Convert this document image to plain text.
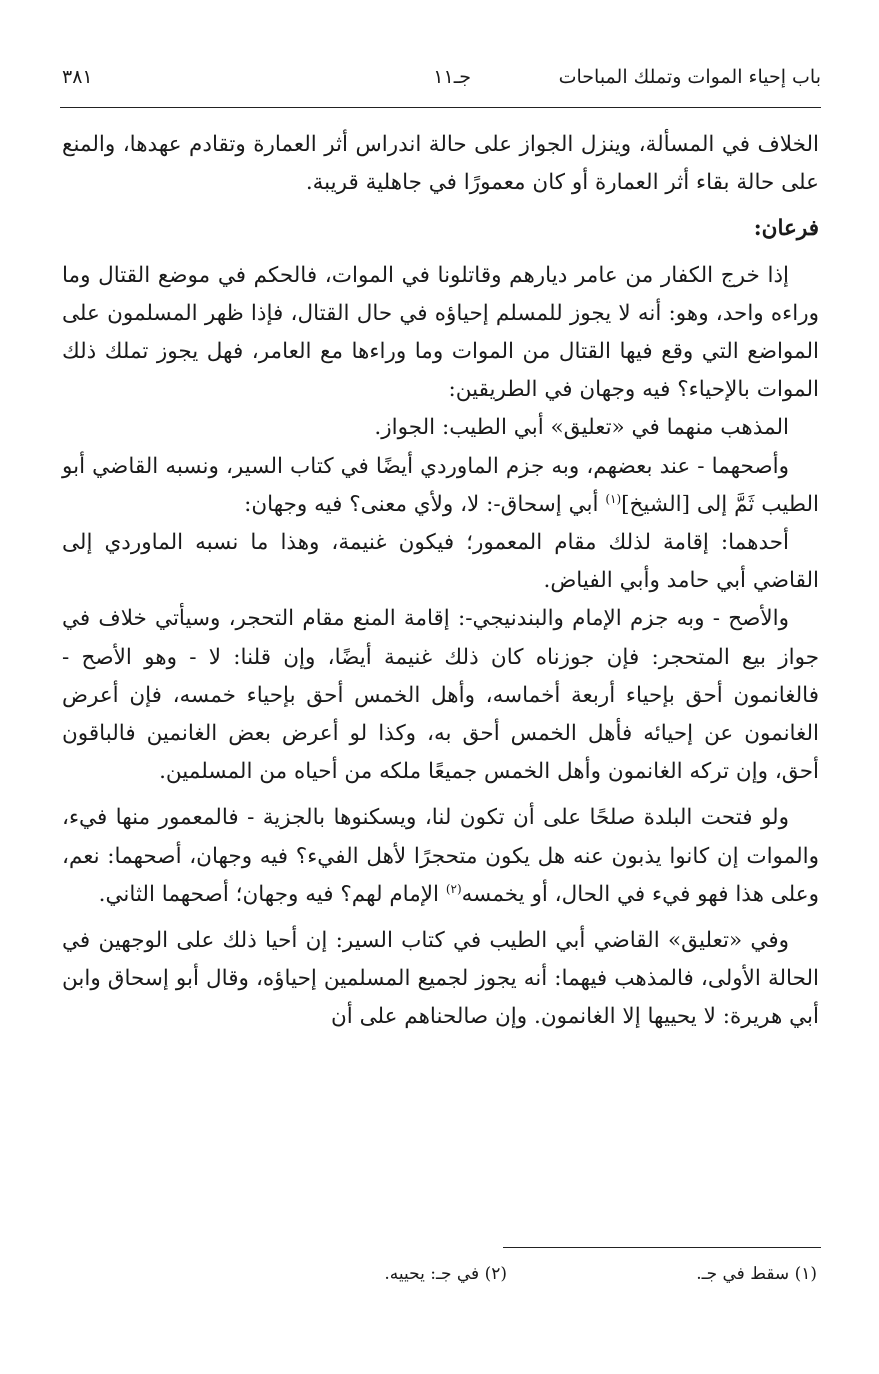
باب إحياء الموات وتملك المباحات
جـ١١
٣٨١

الخلاف في المسألة، وينزل الجواز على حالة اندراس أثر العمارة وتقادم عهدها، والمنع على حالة بقاء أثر العمارة أو كان معمورًا في جاهلية قريبة.

فرعان:

إذا خرج الكفار من عامر ديارهم وقاتلونا في الموات، فالحكم في موضع القتال وما وراءه واحد، وهو: أنه لا يجوز للمسلم إحياؤه في حال القتال، فإذا ظهر المسلمون على المواضع التي وقع فيها القتال من الموات وما وراءها مع العامر، فهل يجوز تملك ذلك الموات بالإحياء؟ فيه وجهان في الطريقين:

المذهب منهما في «تعليق» أبي الطيب: الجواز.

وأصحهما - عند بعضهم، وبه جزم الماوردي أيضًا في كتاب السير، ونسبه القاضي أبو الطيب ثَمَّ إلى [الشيخ]$^{(١)}$ أبي إسحاق-: لا، ولأي معنى؟ فيه وجهان:

أحدهما: إقامة لذلك مقام المعمور؛ فيكون غنيمة، وهذا ما نسبه الماوردي إلى القاضي أبي حامد وأبي الفياض.

والأصح - وبه جزم الإمام والبندنيجي-: إقامة المنع مقام التحجر، وسيأتي خلاف في جواز بيع المتحجر: فإن جوزناه كان ذلك غنيمة أيضًا، وإن قلنا: لا - وهو الأصح - فالغانمون أحق بإحياء أربعة أخماسه، وأهل الخمس أحق بإحياء خمسه، فإن أعرض الغانمون عن إحيائه فأهل الخمس أحق به، وكذا لو أعرض بعض الغانمين فالباقون أحق، وإن تركه الغانمون وأهل الخمس جميعًا ملكه من أحياه من المسلمين.

ولو فتحت البلدة صلحًا على أن تكون لنا، ويسكنوها بالجزية - فالمعمور منها فيء، والموات إن كانوا يذبون عنه هل يكون متحجرًا لأهل الفيء؟ فيه وجهان، أصحهما: نعم، وعلى هذا فهو فيء في الحال، أو يخمسه$^{(٢)}$ الإمام لهم؟ فيه وجهان؛ أصحهما الثاني.

وفي «تعليق» القاضي أبي الطيب في كتاب السير: إن أحيا ذلك على الوجهين في الحالة الأولى، فالمذهب فيهما: أنه يجوز لجميع المسلمين إحياؤه، وقال أبو إسحاق وابن أبي هريرة: لا يحييها إلا الغانمون. وإن صالحناهم على أن

(١) سقط في جـ.
(٢) في جـ: يحييه.
